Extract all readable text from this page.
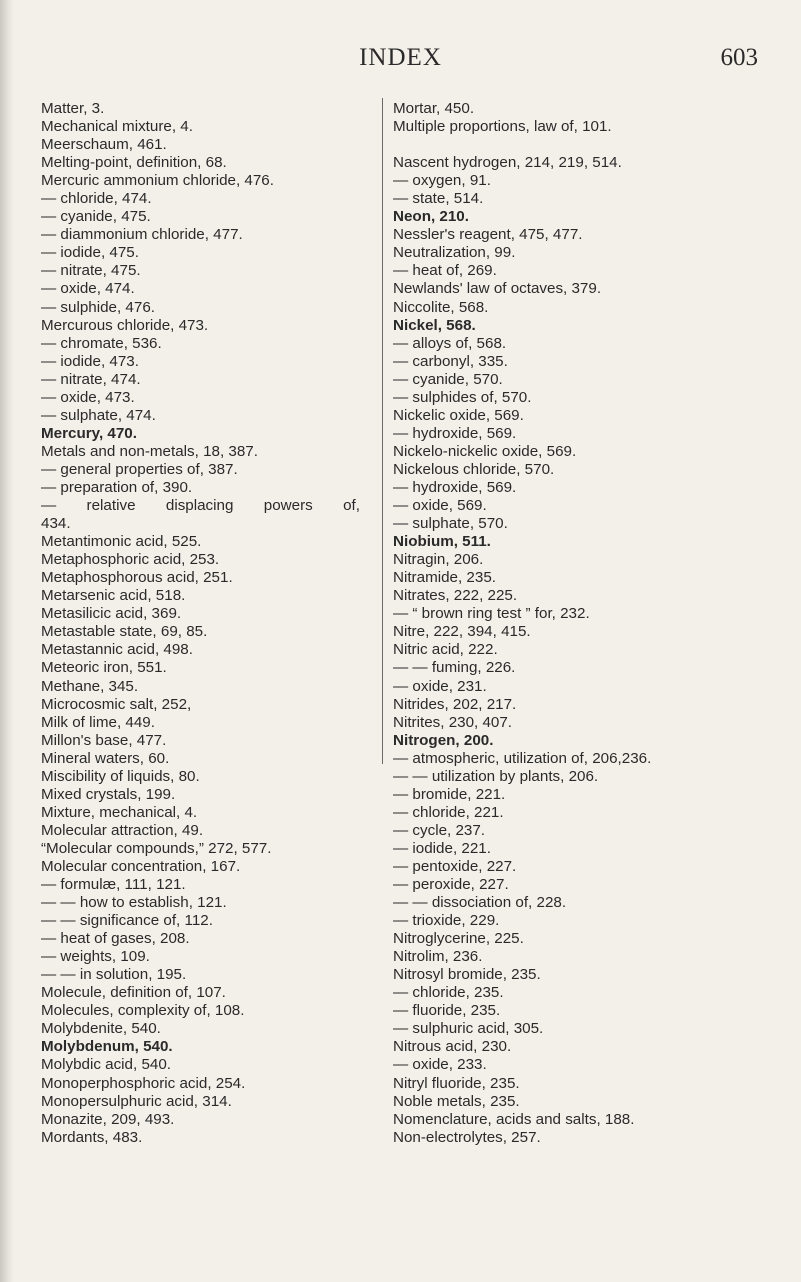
INDEX	603
Matter, 3.
Mechanical mixture, 4.
Meerschaum, 461.
Melting-point, definition, 68.
Mercuric ammonium chloride, 476.
— chloride, 474.
— cyanide, 475.
— diammonium chloride, 477.
— iodide, 475.
— nitrate, 475.
— oxide, 474.
— sulphide, 476.
Mercurous chloride, 473.
— chromate, 536.
— iodide, 473.
— nitrate, 474.
— oxide, 473.
— sulphate, 474.
Mercury, 470.
Metals and non-metals, 18, 387.
— general properties of, 387.
— preparation of, 390.
— relative displacing powers of,
434.
Metantimonic acid, 525.
Metaphosphoric acid, 253.
Metaphosphorous acid, 251.
Metarsenic acid, 518.
Metasilicic acid, 369.
Metastable state, 69, 85.
Metastannic acid, 498.
Meteoric iron, 551.
Methane, 345.
Microcosmic salt, 252,
Milk of lime, 449.
Millon's base, 477.
Mineral waters, 60.
Miscibility of liquids, 80.
Mixed crystals, 199.
Mixture, mechanical, 4.
Molecular attraction, 49.
“Molecular compounds,” 272, 577.
Molecular concentration, 167.
— formulæ, 111, 121.
— — how to establish, 121.
— — significance of, 112.
— heat of gases, 208.
— weights, 109.
— — in solution, 195.
Molecule, definition of, 107.
Molecules, complexity of, 108.
Molybdenite, 540.
Molybdenum, 540.
Molybdic acid, 540.
Monoperphosphoric acid, 254.
Monopersulphuric acid, 314.
Monazite, 209, 493.
Mordants, 483.
Mortar, 450.
Multiple proportions, law of, 101.

Nascent hydrogen, 214, 219, 514.
— oxygen, 91.
— state, 514.
Neon, 210.
Nessler's reagent, 475, 477.
Neutralization, 99.
— heat of, 269.
Newlands' law of octaves, 379.
Niccolite, 568.
Nickel, 568.
— alloys of, 568.
— carbonyl, 335.
— cyanide, 570.
— sulphides of, 570.
Nickelic oxide, 569.
— hydroxide, 569.
Nickelo-nickelic oxide, 569.
Nickelous chloride, 570.
— hydroxide, 569.
— oxide, 569.
— sulphate, 570.
Niobium, 511.
Nitragin, 206.
Nitramide, 235.
Nitrates, 222, 225.
— “ brown ring test ” for, 232.
Nitre, 222, 394, 415.
Nitric acid, 222.
— — fuming, 226.
— oxide, 231.
Nitrides, 202, 217.
Nitrites, 230, 407.
Nitrogen, 200.
— atmospheric, utilization of, 206,236.
— — utilization by plants, 206.
— bromide, 221.
— chloride, 221.
— cycle, 237.
— iodide, 221.
— pentoxide, 227.
— peroxide, 227.
— — dissociation of, 228.
— trioxide, 229.
Nitroglycerine, 225.
Nitrolim, 236.
Nitrosyl bromide, 235.
— chloride, 235.
— fluoride, 235.
— sulphuric acid, 305.
Nitrous acid, 230.
— oxide, 233.
Nitryl fluoride, 235.
Noble metals, 235.
Nomenclature, acids and salts, 188.
Non-electrolytes, 257.
